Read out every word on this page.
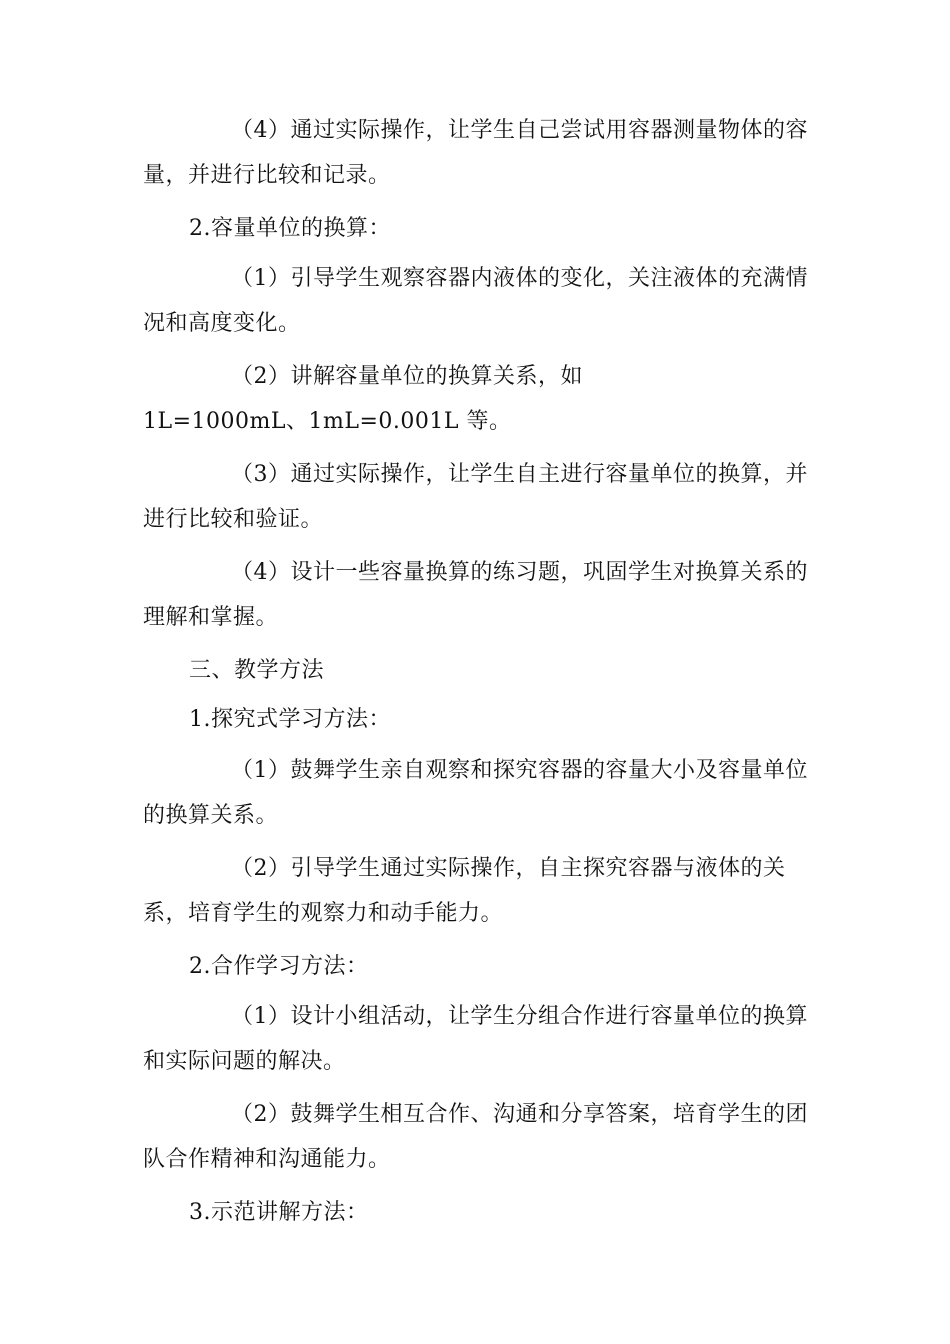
（4）通过实际操作，让学生自己尝试用容器测量物体的容量，并进行比较和记录。

2.容量单位的换算：

（1）引导学生观察容器内液体的变化，关注液体的充满情况和高度变化。

（2）讲解容量单位的换算关系，如
1L=1000mL、1mL=0.001L 等。

（3）通过实际操作，让学生自主进行容量单位的换算，并进行比较和验证。

（4）设计一些容量换算的练习题，巩固学生对换算关系的理解和掌握。

三、教学方法

1.探究式学习方法：

（1）鼓舞学生亲自观察和探究容器的容量大小及容量单位的换算关系。

（2）引导学生通过实际操作，自主探究容器与液体的关系，培育学生的观察力和动手能力。

2.合作学习方法：

（1）设计小组活动，让学生分组合作进行容量单位的换算和实际问题的解决。

（2）鼓舞学生相互合作、沟通和分享答案，培育学生的团队合作精神和沟通能力。

3.示范讲解方法：
